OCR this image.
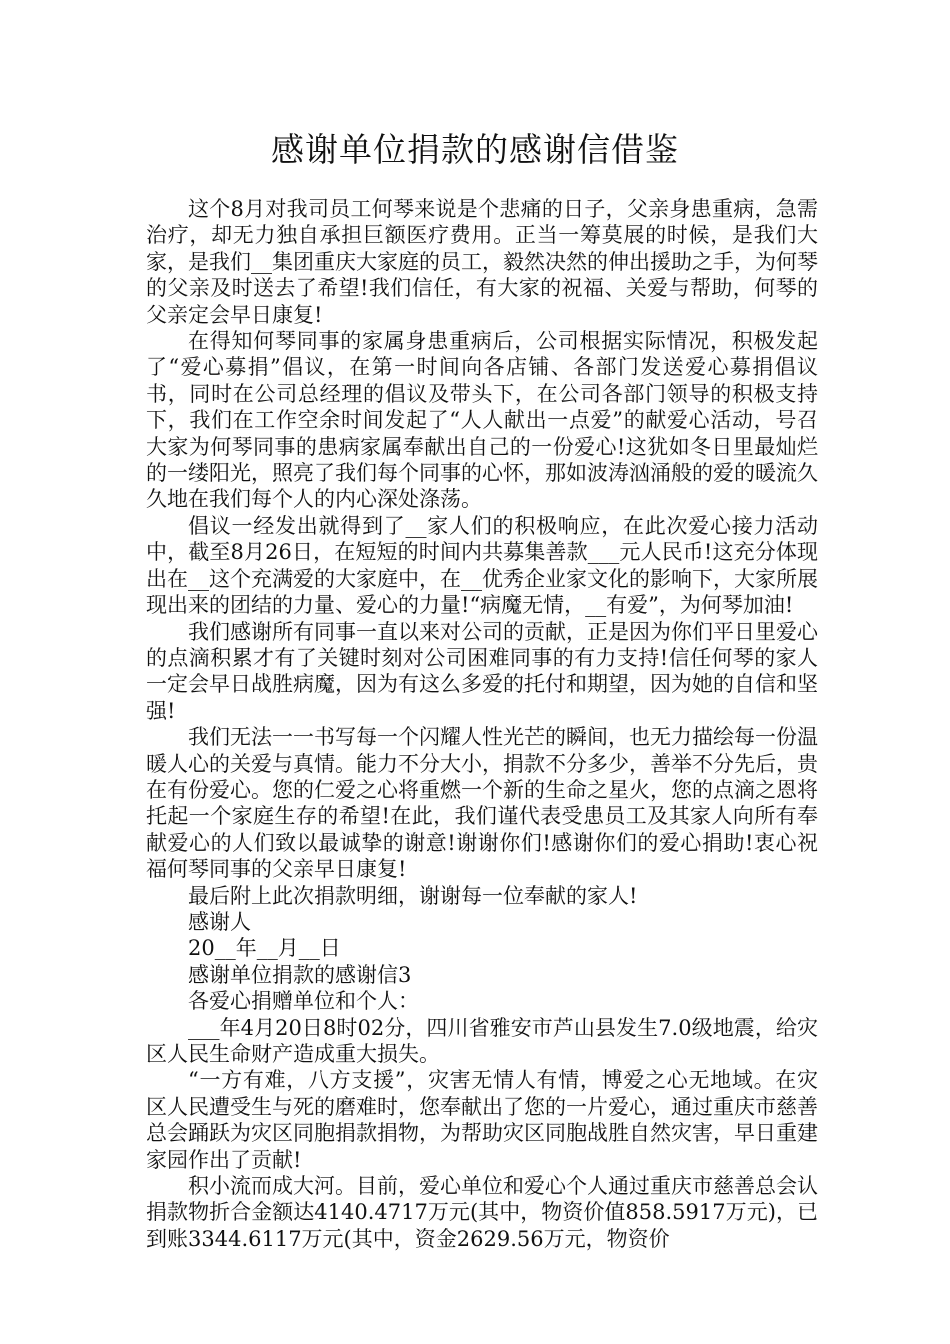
感谢单位捐款的感谢信借鉴

这个8月对我司员工何琴来说是个悲痛的日子，父亲身患重病，急需治疗，却无力独自承担巨额医疗费用。正当一筹莫展的时候，是我们大家，是我们__集团重庆大家庭的员工，毅然决然的伸出援助之手，为何琴的父亲及时送去了希望!我们信任，有大家的祝福、关爱与帮助，何琴的父亲定会早日康复!

在得知何琴同事的家属身患重病后，公司根据实际情况，积极发起了“爱心募捐”倡议，在第一时间向各店铺、各部门发送爱心募捐倡议书，同时在公司总经理的倡议及带头下，在公司各部门领导的积极支持下，我们在工作空余时间发起了“人人献出一点爱”的献爱心活动，号召大家为何琴同事的患病家属奉献出自己的一份爱心!这犹如冬日里最灿烂的一缕阳光，照亮了我们每个同事的心怀，那如波涛汹涌般的爱的暖流久久地在我们每个人的内心深处涤荡。

倡议一经发出就得到了__家人们的积极响应，在此次爱心接力活动中，截至8月26日，在短短的时间内共募集善款___元人民币!这充分体现出在__这个充满爱的大家庭中，在__优秀企业家文化的影响下，大家所展现出来的团结的力量、爱心的力量!“病魔无情，__有爱”，为何琴加油!

我们感谢所有同事一直以来对公司的贡献，正是因为你们平日里爱心的点滴积累才有了关键时刻对公司困难同事的有力支持!信任何琴的家人一定会早日战胜病魔，因为有这么多爱的托付和期望，因为她的自信和坚强!

我们无法一一书写每一个闪耀人性光芒的瞬间，也无力描绘每一份温暖人心的关爱与真情。能力不分大小，捐款不分多少，善举不分先后，贵在有份爱心。您的仁爱之心将重燃一个新的生命之星火，您的点滴之恩将托起一个家庭生存的希望!在此，我们谨代表受患员工及其家人向所有奉献爱心的人们致以最诚挚的谢意!谢谢你们!感谢你们的爱心捐助!衷心祝福何琴同事的父亲早日康复!

最后附上此次捐款明细，谢谢每一位奉献的家人!

感谢人

20__年__月__日

感谢单位捐款的感谢信3

各爱心捐赠单位和个人：

___年4月20日8时02分，四川省雅安市芦山县发生7.0级地震，给灾区人民生命财产造成重大损失。

“一方有难，八方支援”，灾害无情人有情，博爱之心无地域。在灾区人民遭受生与死的磨难时，您奉献出了您的一片爱心，通过重庆市慈善总会踊跃为灾区同胞捐款捐物，为帮助灾区同胞战胜自然灾害，早日重建家园作出了贡献!

积小流而成大河。目前，爱心单位和爱心个人通过重庆市慈善总会认捐款物折合金额达4140.4717万元(其中，物资价值858.5917万元)，已到账3344.6117万元(其中，资金2629.56万元，物资价
